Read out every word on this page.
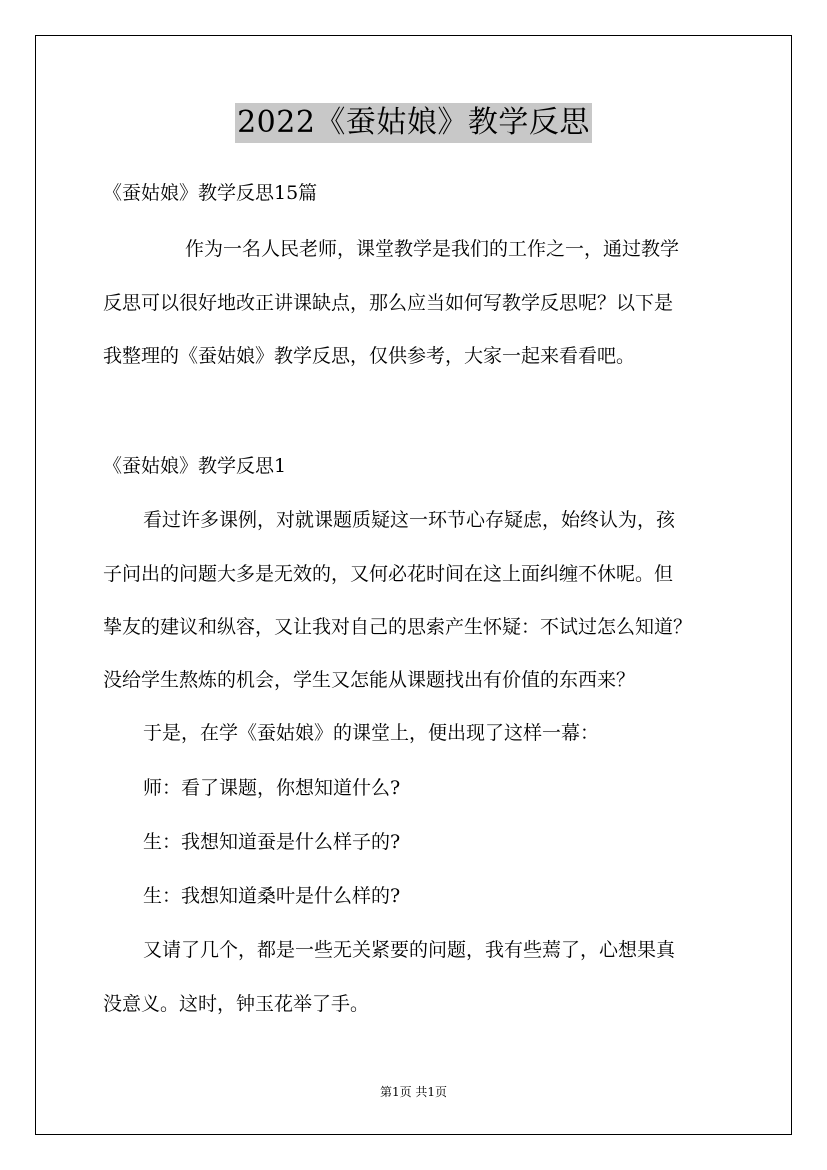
2022《蚕姑娘》教学反思
《蚕姑娘》教学反思15篇
作为一名人民老师，课堂教学是我们的工作之一，通过教学
反思可以很好地改正讲课缺点，那么应当如何写教学反思呢？以下是
我整理的《蚕姑娘》教学反思，仅供参考，大家一起来看看吧。
《蚕姑娘》教学反思1
看过许多课例，对就课题质疑这一环节心存疑虑，始终认为，孩
子问出的问题大多是无效的，又何必花时间在这上面纠缠不休呢。但
挚友的建议和纵容，又让我对自己的思索产生怀疑：不试过怎么知道？
没给学生熬炼的机会，学生又怎能从课题找出有价值的东西来？
于是，在学《蚕姑娘》的课堂上，便出现了这样一幕：
师：看了课题，你想知道什么?
生：我想知道蚕是什么样子的?
生：我想知道桑叶是什么样的?
又请了几个，都是一些无关紧要的问题，我有些蔫了，心想果真
没意义。这时，钟玉花举了手。
第1页 共1页
